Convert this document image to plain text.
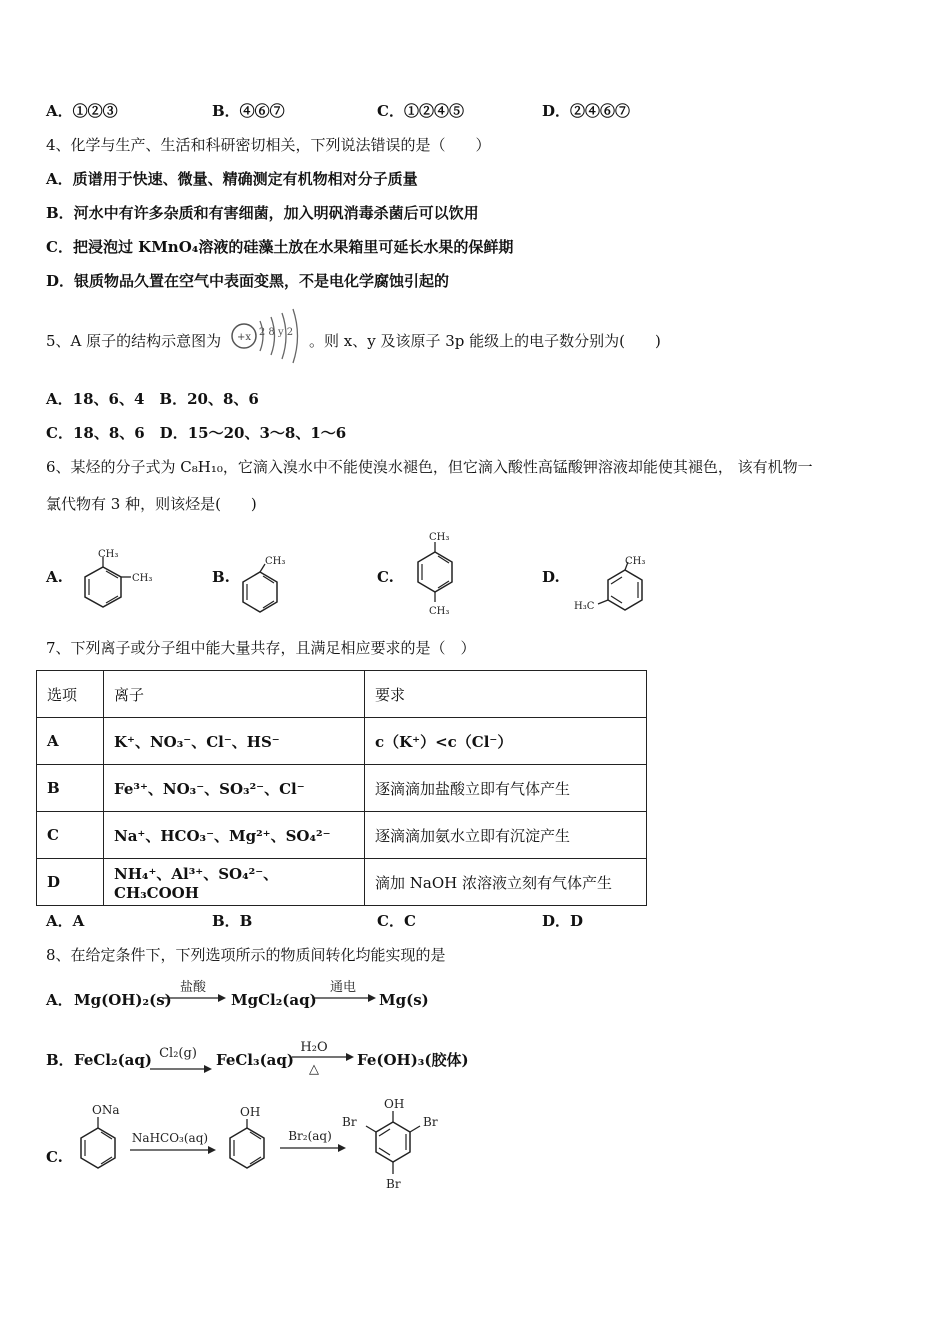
A．①②③	B．④⑥⑦	C．①②④⑤	D．②④⑥⑦
4、化学与生产、生活和科研密切相关，下列说法错误的是（　　）
A．质谱用于快速、微量、精确测定有机物相对分子质量
B．河水中有许多杂质和有害细菌，加入明矾消毒杀菌后可以饮用
C．把浸泡过 KMnO₄溶液的硅藻土放在水果箱里可延长水果的保鲜期
D．银质物品久置在空气中表面变黑，不是电化学腐蚀引起的
5、A 原子的结构示意图为 +x 2 8 y 2 。则 x、y 及该原子 3p 能级上的电子数分别为(　　)
A．18、6、4　B．20、8、6
C．18、8、6　D．15～20、3～8、1～6
6、某烃的分子式为 C₈H₁₀，它滴入溴水中不能使溴水褪色，但它滴入酸性高锰酸钾溶液却能使其褪色， 该有机物一
氯代物有 3 种，则该烃是(　　)
A.
CH₃
CH₃	B.
CH₃
C.
CH₃
CH₃
D.
CH₃
H₃C
7、下列离子或分子组中能大量共存，且满足相应要求的是（　）
选项	离子	要求
A	K⁺、NO₃⁻、Cl⁻、HS⁻	c（K⁺）<c（Cl⁻）
B	Fe³⁺、NO₃⁻、SO₃²⁻、Cl⁻	逐滴滴加盐酸立即有气体产生
C	Na⁺、HCO₃⁻、Mg²⁺、SO₄²⁻	逐滴滴加氨水立即有沉淀产生
D	NH₄⁺、Al³⁺、SO₄²⁻、CH₃COOH	滴加 NaOH 浓溶液立刻有气体产生
A．A	B．B	C．C	D．D
8、在给定条件下，下列选项所示的物质间转化均能实现的是
A． Mg(OH)₂(s)
盐酸
MgCl₂(aq)
通电
Mg(s)
B． FeCl₂(aq) Cl₂(g) FeCl₃(aq)
H₂O
△
Fe(OH)₃(胶体)
C.
ONa
NaHCO₃(aq)
OH
Br₂(aq)
OH
Br	Br
Br
